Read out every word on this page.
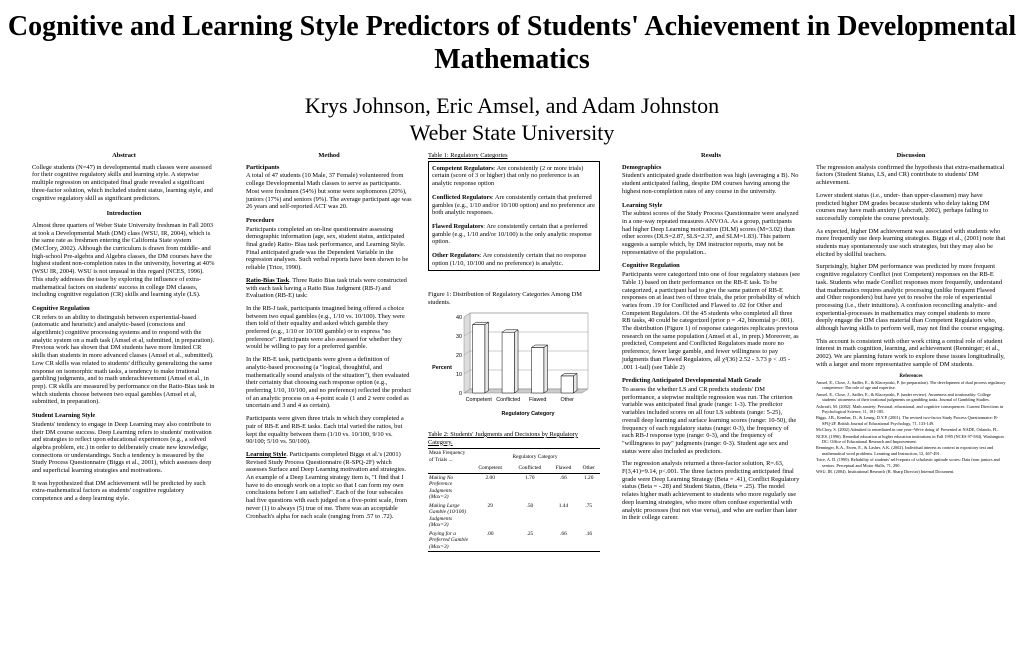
Cognitive and Learning Style Predictors of Students' Achievement in Developmental Mathematics
Krys Johnson, Eric Amsel, and Adam Johnston
Weber State University
Abstract

College students (N=47) in developmental math classes were assessed for their cognitive regulatory skills and learning style. A stepwise multiple regression on anticipated final grade revealed a significant three-factor solution, which included student status, learning style, and cognitive regulatory skill as significant predictors.

Introduction

Almost three quarters of Weber State University freshman in Fall 2003 at took a Developmental Math (DM) class (WSU, IR, 2004), which is the same rate as freshmen entering the California State system (McClory, 2002). Although the curriculum is drawn from middle- and high-school Pre-algebra and Algebra classes, the DM courses have the highest student non-completion rates in the university, hovering at 40% (WSU IR, 2004). WSU is not unusual in this regard (NCES, 1996). This study addresses the issue by exploring the influence of extra-mathematical factors on students' success in college DM classes, including cognitive regulation (CR) skills and learning style (LS).

Cognitive Regulation

CR refers to an ability to distinguish between experiential-based (automatic and heuristic) and analytic-based (conscious and algorithmic) cognitive processing systems and to respond with the analytic system on a math task (Amsel et al, submitted, in preparation). Previous work has shown that DM students have more limited CR skills than students in more advanced classes (Amsel et al., submitted). Low CR skills was related to students' difficulty generalizing the same response on isomorphic math tasks, a tendency to make irrational gambling judgments, and to math underachievement (Amsel et al., in prep). CR skills are measured by performance on the Ratio-Bias task in which students choose between two equal gambles (Amsel et al, submitted, in preparation).

Student Learning Style

Students' tendency to engage in Deep Learning may also contribute to their DM course success. Deep Learning refers to students' motivation and strategies to reflect upon educational experiences (e.g., a solved algebra problem, etc.) in order to deliberately create new knowledge, connections or understandings. Such a tendency is measured by the Study Process Questionnaire (Biggs et al., 2001), which assesses deep and superficial learning strategies and motivations.

It was hypothesized that DM achievement will be predicted by such extra-mathematical factors as students' cognitive regulatory competence and a deep learning style.

Method
Participants

A total of 47 students (10 Male, 37 Female) volunteered from college Developmental Math classes to serve as participants. Most were freshmen (54%) but some were sophomores (20%), juniors (17%) and seniors (9%). The average participant age was 26 years and self-reported ACT was 20.

Procedure

Participants completed an on-line questionnaire assessing demographic information (age, sex, student status, anticipated final grade) Ratio- Bias task performance, and Learning Style. Final anticipated grade was the Dependent Variable in the regression analyses. Such verbal reports have been shown to be reliable (Trice, 1990).

Ratio-Bias Task. Three Ratio Bias task trials were constructed with each task having a Ratio Bias Judgment (RB-J) and Evaluation (RB-E) task:

In the RB-J task, participants imagined being offered a choice between two equal gambles (e.g., 1/10 vs. 10/100). They were then told of their equality and asked which gamble they preferred (e.g., 1/10 or 10/100 gamble) or to express "no preference". Participants were also assessed for whether they would be willing to pay for a preferred gamble.

In the RB-E task, participants were given a definition of analytic-based processing (a "logical, thoughtful, and mathematically sound analysis of the situation"), then evaluated their certainty that choosing each response option (e.g., preferring 1/10, 10/100, and no preference) reflected the product of an analytic process on a 4-point scale (1 and 2 were coded as uncertain and 3 and 4 as certain).

Participants were given three trials in which they completed a pair of RB-E and RB-E tasks. Each trial varied the ratios, but kept the equality between them (1/10 vs. 10/100, 9/10 vs. 90/100; 5/10 vs. 50/100).

Learning Style. Participants completed Biggs et al.'s (2001) Revised Study Process Questionnaire (R-SPQ-2F) which assesses Surface and Deep Learning motivation and strategies. An example of a Deep Learning strategy item is, "I find that I have to do enough work on a topic so that I can form my own conclusions before I am satisfied". Each of the four subscales had five questions with each judged on a five-point scale, from never (1) to always (5) true of me. There was an acceptable Cronbach's alpha for each scale (ranging from .57 to .72).

Table 1: Regulatory Categories

Competent Regulators: Are consistently (2 or more trials) certain (score of 3 or higher) that only no preference is an analytic response option

Conflicted Regulators: Are consistently certain that preferred gambles (e.g., 1/10 and/or 10/100 option) and no preference are both analytic responses.

Flawed Regulators: Are consistently certain that a preferred gamble (e.g., 1/10 and/or 10/100) is the only analytic response option.

Other Regulators: Are consistently certain that no response option (1/10, 10/100 and no preference) is analytic.

Figure 1: Distribution of Regulatory Categories Among DM students.
0
10
20
30
40
Competent Conflicted Flawed	Other
Percent
Regulatory Category
Table 2: Students' Judgments and Decisions by Regulatory Category.
Mean Frequency of Trials ...	Regulatory Category			
	Competent	Conflicted	Flawed	Other
Making No Preference Judgments (Max=3)	2.00	1.70	.66	1.20
Making Large Gamble (10/100) Judgments (Max=3)	29	.50	1.44	.75
Paying for a Preferred Gamble (Max=3)	.00	.25	.66	.16
Results
Demographics

Student's anticipated grade distribution was high (averaging a B). No student anticipated failing, despite DM courses having among the highest non-completion rates of any course in the university.

Learning Style

The subtest scores of the Study Process Questionnaire were analyzed in a one-way repeated measures ANVOA. As a group, participants had higher Deep Learning motivation (DLM) scores (M=3.02) than other scores (DLS=2.87, SLS=2.37, and SLM=1.83). This pattern suggests a sample which, by DM instructor reports, may not be representative of the population..

Cognitive Regulation

Participants were categorized into one of four regulatory statuses (see Table 1) based on their performance on the RB-E task. To be categorized, a participant had to give the same pattern of RB-E responses on at least two of three trials, the prior probability of which varies from .19 for Conflicted and Flawed to .02 for Other and Competent Regulators. Of the 45 students who completed all three RB tasks, 40 could be categorized (prior p = .42, binomial p<.001). The distribution (Figure 1) of response categories replicates previous research on the same population (Amsel et al., in prep.) Moreover, as predicted, Competent and Conflicted Regulators made more no preference, fewer large gamble, and fewer willingness to pay judgments than Flawed Regulators, all χ²(36) 2.52 - 3.73 p < .05 - .001 1-tail) (see Table 2)

Predicting Anticipated Developmental Math Grade

To assess the whether LS and CR predicts students' DM performance, a stepwise multiple regression was run. The criterion variable was anticipated final grade (range: 1-3). The predictor variables included scores on all four LS subtests (range: 5-25), overall deep learning and surface learning scores (range: 10-50), the frequency of each regulatory status (range: 0-3), the frequency of each RB-J response type (range: 0-3), and the frequency of "willingness to pay" judgments (range: 0-3). Student age sex and status were also included as predictors.

The regression analysis returned a three-factor solution, R=.63, F(3,41)=9.14, p<.001. The three factors predicting anticipated final grade were Deep Learning Strategy (Beta = .41), Conflict Regulatory status (Beta = -.28) and Student Status, (Beta = .25). The model relates higher math achievement to students who more regularly use deep learning strategies, who more often confuse experiential with analytic processes (but not vise versa), and who are earlier than later in their college career.

Discussion

The regression analysis confirmed the hypothesis that extra-mathematical factors (Student Status, LS, and CR) contribute to students' DM achievement.

Lower student status (i.e., under- than upper-classmen) may have predicted higher DM grades because students who delay taking DM courses may have math anxiety (Ashcraft, 2002), perhaps failing to successfully complete the course previously.

As expected, higher DM achievement was associated with students who more frequently use deep learning strategies. Biggs et al., (2001) note that students may spontaneously use such strategies, but they may also be elicited by skillful teachers.

Surprisingly, higher DM performance was predicted by more frequent cognitive regulatory Conflict (not Competent) responses on the RB-E task. Students who made Conflict responses more frequently, understand that mathematics requires analytic processing (unlike frequent Flawed and Other responders) but have yet to resolve the role of experiential processing (i.e., their intuitions). A confusion reconciling analytic- and experiential-processes in mathematics may compel students to more deeply engage the DM class material than Competent Regulators who, although having skills to perform well, may not find the course engaging.

This account is consistent with other work citing a central role of student interest in math cognition, learning, and achievement (Renninger; et al., 2002). We are planning future work to explore these issues longitudinally, with a larger and more representative sample of DM students.

References
Amsel, E., Close, J., Sadler, E., & Klaczynski, P. (in preparation). The development of dual process regulatory competence: The role of age and expertise.
Amsel, E., Close, J., Sadler, E., & Klaczynski, P. (under review). Awareness and irrationality: College students' awareness of their irrational judgments on gambling tasks. Journal of Gambling Studies.
Ashcraft, M. (2002). Math anxiety: Personal, educational, and cognitive consequences. Current Directions in Psychological Science, 11, 181-185.
Biggs, J.B., Kember, D., & Leung, D.Y.P. (2001). The revised two-factor Study Process Questionnaire: R-SPQ-2F. British Journal of Educational Psychology, 71, 133-149.
McClory, S. (2002) Admitted to remediated in one year--We're doing it! Presented at NADE, Orlando, FL.
NCES. (1996). Remedial education at higher education institutions in Fall 1995 (NCES 97-584). Washington DC: Office of Educational Research and Improvement.
Renninger, K.A., Ewen, E., & Lasher, A.K. (2002). Individual interest as context in expository text and mathematical word problems. Learning and Instruction, 12, 467-491.
Trice, A. D. (1990). Reliability of students' self-reports of scholastic aptitude scores: Data from juniors and seniors. Perceptual and Motor Skills, 71, 290.
WSU, IR. (2004). Institutional Research (R. Sharp Director) Internal Document.
